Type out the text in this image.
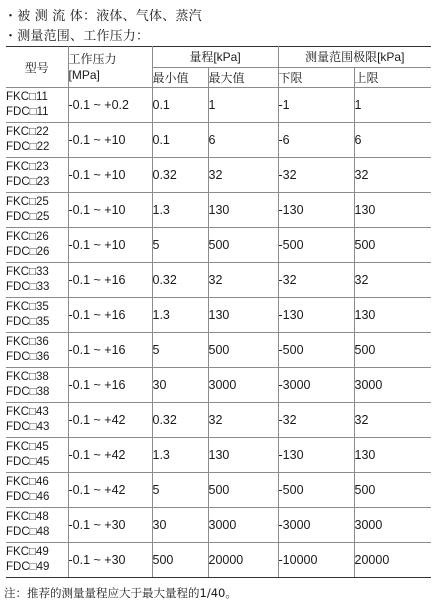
・被 测 流 体：液体、气体、蒸汽
・测量范围、工作压力：
型号	工作压力
[MPa]	量程[kPa]		测量范围极限[kPa]	
		最小值	最大值	下限	上限
FKC□11
FDC□11	-0.1 ~ +0.2	0.1	1	-1	1
FKC□22
FDC□22	-0.1 ~ +10	0.1	6	-6	6
FKC□23
FDC□23	-0.1 ~ +10	0.32	32	-32	32
FKC□25
FDC□25	-0.1 ~ +10	1.3	130	-130	130
FKC□26
FDC□26	-0.1 ~ +10	5	500	-500	500
FKC□33
FDC□33	-0.1 ~ +16	0.32	32	-32	32
FKC□35
FDC□35	-0.1 ~ +16	1.3	130	-130	130
FKC□36
FDC□36	-0.1 ~ +16	5	500	-500	500
FKC□38
FDC□38	-0.1 ~ +16	30	3000	-3000	3000
FKC□43
FDC□43	-0.1 ~ +42	0.32	32	-32	32
FKC□45
FDC□45	-0.1 ~ +42	1.3	130	-130	130
FKC□46
FDC□46	-0.1 ~ +42	5	500	-500	500
FKC□48
FDC□48	-0.1 ~ +30	30	3000	-3000	3000
FKC□49
FDC□49	-0.1 ~ +30	500	20000	-10000	20000
注：推荐的测量量程应大于最大量程的1/40。
